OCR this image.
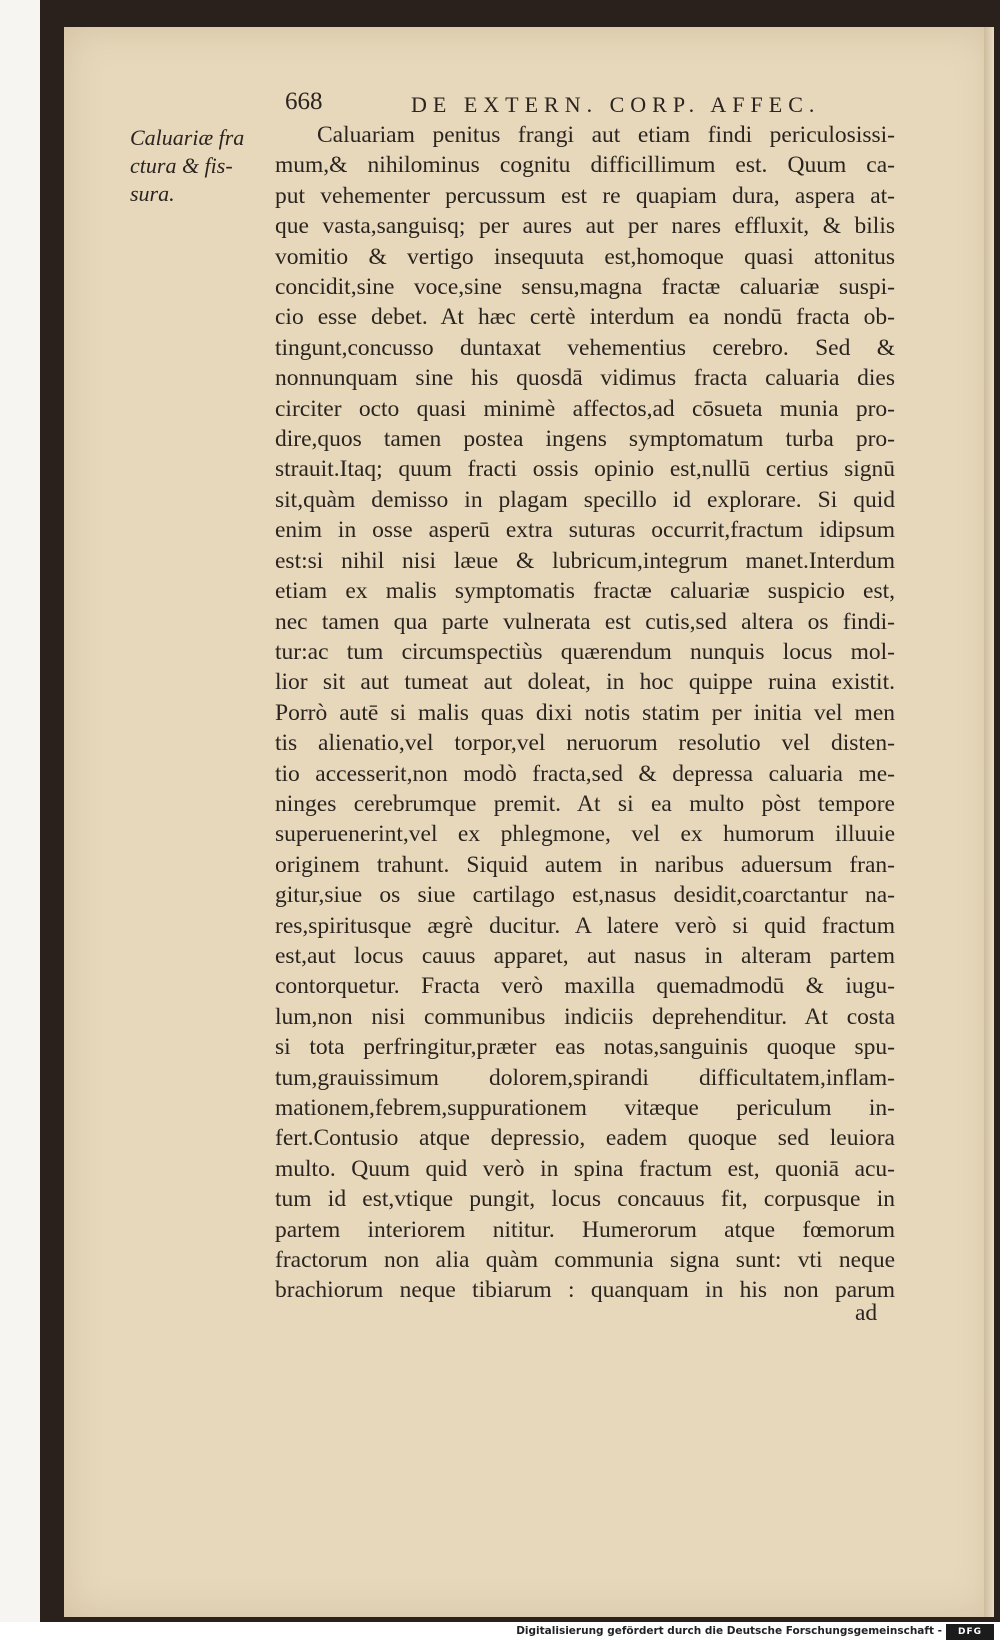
668	DE EXTERN. CORP. AFFEC.
Caluariæ fra
ctura & fis-
sura.
Caluariam penitus frangi aut etiam findi periculosissi-
mum,& nihilominus cognitu difficillimum est. Quum ca-
put vehementer percussum est re quapiam dura, aspera at-
que vasta,sanguisq; per aures aut per nares effluxit, & bilis
vomitio & vertigo insequuta est,homoque quasi attonitus
concidit,sine voce,sine sensu,magna fractæ caluariæ suspi-
cio esse debet. At hæc certè interdum ea nondū fracta ob-
tingunt,concusso duntaxat vehementius cerebro. Sed &
nonnunquam sine his quosdā vidimus fracta caluaria dies
circiter octo quasi minimè affectos,ad cōsueta munia pro-
dire,quos tamen postea ingens symptomatum turba pro-
strauit.Itaq; quum fracti ossis opinio est,nullū certius signū
sit,quàm demisso in plagam specillo id explorare. Si quid
enim in osse asperū extra suturas occurrit,fractum idipsum
est:si nihil nisi læue & lubricum,integrum manet.Interdum
etiam ex malis symptomatis fractæ caluariæ suspicio est,
nec tamen qua parte vulnerata est cutis,sed altera os findi-
tur:ac tum circumspectiùs quærendum nunquis locus mol-
lior sit aut tumeat aut doleat, in hoc quippe ruina existit.
Porrò autē si malis quas dixi notis statim per initia vel men
tis alienatio,vel torpor,vel neruorum resolutio vel disten-
tio accesserit,non modò fracta,sed & depressa caluaria me-
ninges cerebrumque premit. At si ea multo pòst tempore
superuenerint,vel ex phlegmone, vel ex humorum illuuie
originem trahunt. Siquid autem in naribus aduersum fran-
gitur,siue os siue cartilago est,nasus desidit,coarctantur na-
res,spiritusque ægrè ducitur. A latere verò si quid fractum
est,aut locus cauus apparet, aut nasus in alteram partem
contorquetur. Fracta verò maxilla quemadmodū & iugu-
lum,non nisi communibus indiciis deprehenditur. At costa
si tota perfringitur,præter eas notas,sanguinis quoque spu-
tum,grauissimum dolorem,spirandi difficultatem,inflam-
mationem,febrem,suppurationem vitæque periculum in-
fert.Contusio atque depressio, eadem quoque sed leuiora
multo. Quum quid verò in spina fractum est, quoniā acu-
tum id est,vtique pungit, locus concauus fit, corpusque in
partem interiorem nititur. Humerorum atque fœmorum
fractorum non alia quàm communia signa sunt: vti neque
brachiorum neque tibiarum : quanquam in his non parum
ad
Digitalisierung gefördert durch die Deutsche Forschungsgemeinschaft -	DFG
